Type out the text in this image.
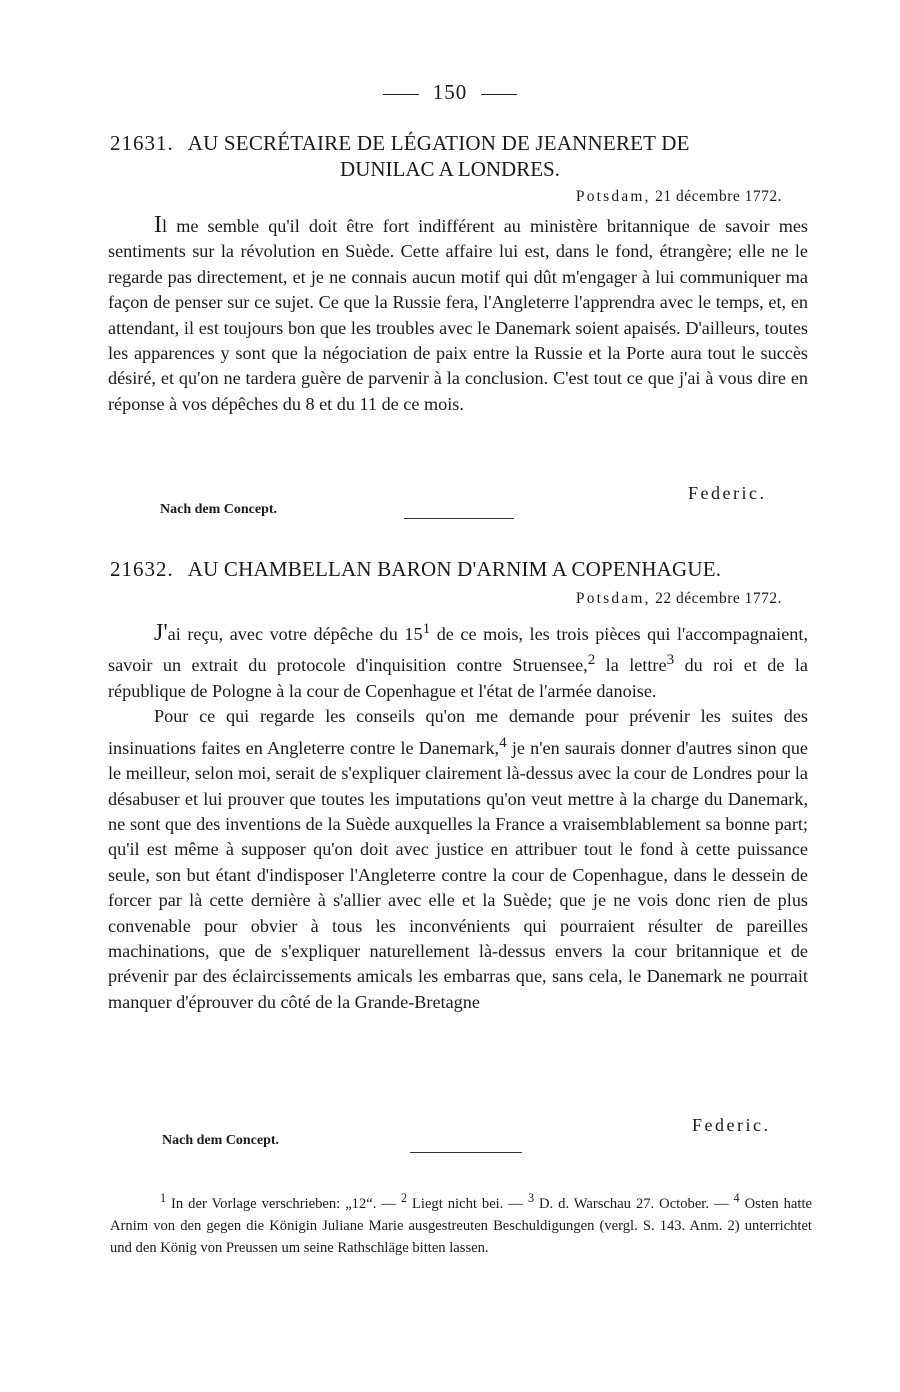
150
21631. AU SECRÉTAIRE DE LÉGATION DE JEANNERET DE
DUNILAC A LONDRES.
Potsdam, 21 décembre 1772.

Il me semble qu'il doit être fort indifférent au ministère britannique de savoir mes sentiments sur la révolution en Suède. Cette affaire lui est, dans le fond, étrangère; elle ne le regarde pas directement, et je ne connais aucun motif qui dût m'engager à lui communiquer ma façon de penser sur ce sujet. Ce que la Russie fera, l'Angleterre l'apprendra avec le temps, et, en attendant, il est toujours bon que les troubles avec le Danemark soient apaisés. D'ailleurs, toutes les apparences y sont que la négociation de paix entre la Russie et la Porte aura tout le succès désiré, et qu'on ne tardera guère de parvenir à la conclusion. C'est tout ce que j'ai à vous dire en réponse à vos dépêches du 8 et du 11 de ce mois.

Federic.
Nach dem Concept.
21632. AU CHAMBELLAN BARON D'ARNIM A COPENHAGUE.
Potsdam, 22 décembre 1772.

J'ai reçu, avec votre dépêche du $15^1$ de ce mois, les trois pièces qui l'accompagnaient, savoir un extrait du protocole d'inquisition contre Struensee,$^2$ la lettre$^3$ du roi et de la république de Pologne à la cour de Copenhague et l'état de l'armée danoise.

Pour ce qui regarde les conseils qu'on me demande pour prévenir les suites des insinuations faites en Angleterre contre le Danemark,$^4$ je n'en saurais donner d'autres sinon que le meilleur, selon moi, serait de s'expliquer clairement là-dessus avec la cour de Londres pour la désabuser et lui prouver que toutes les imputations qu'on veut mettre à la charge du Danemark, ne sont que des inventions de la Suède auxquelles la France a vraisemblablement sa bonne part; qu'il est même à supposer qu'on doit avec justice en attribuer tout le fond à cette puissance seule, son but étant d'indisposer l'Angleterre contre la cour de Copenhague, dans le dessein de forcer par là cette dernière à s'allier avec elle et la Suède; que je ne vois donc rien de plus convenable pour obvier à tous les inconvénients qui pourraient résulter de pareilles machinations, que de s'expliquer naturellement là-dessus envers la cour britannique et de prévenir par des éclaircissements amicals les embarras que, sans cela, le Danemark ne pourrait manquer d'éprouver du côté de la Grande-Bretagne

Federic.
Nach dem Concept.

$^1$ In der Vorlage verschrieben: „12“. — $^2$ Liegt nicht bei. — $^3$ D. d. Warschau 27. October. — $^4$ Osten hatte Arnim von den gegen die Königin Juliane Marie ausgestreuten Beschuldigungen (vergl. S. 143. Anm. 2) unterrichtet und den König von Preussen um seine Rathschläge bitten lassen.
